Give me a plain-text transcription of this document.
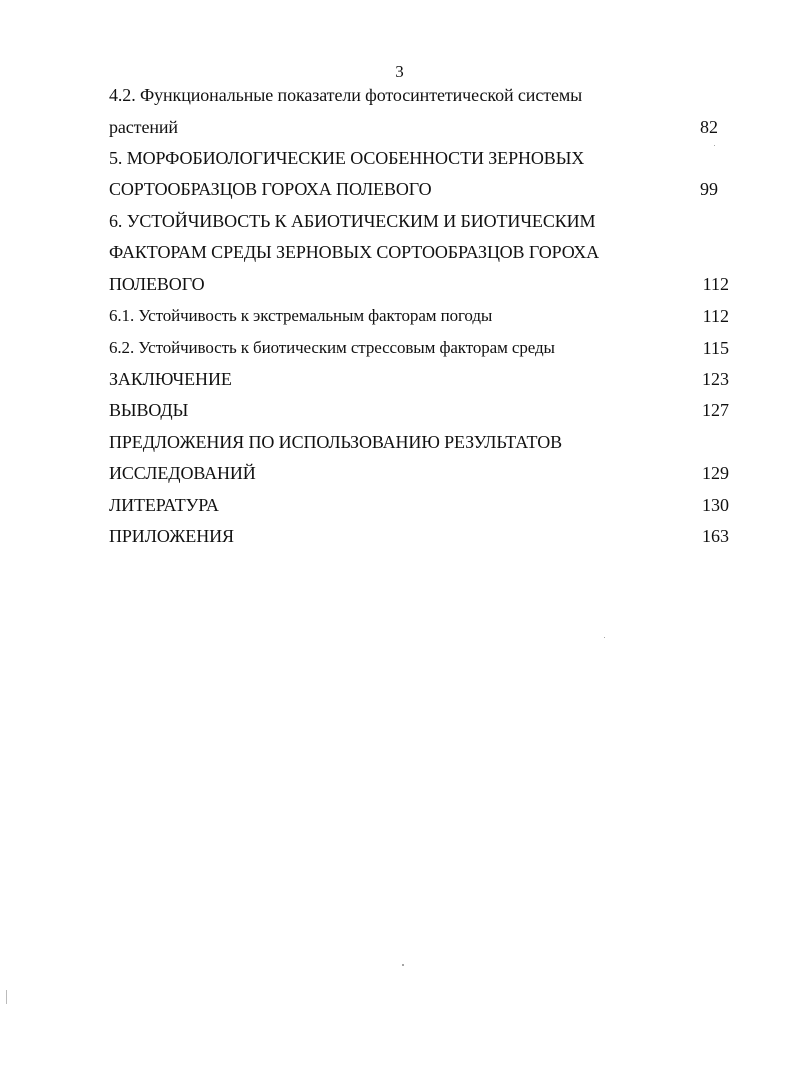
3
4.2. Функциональные показатели фотосинтетической системы
растений	82
5. МОРФОБИОЛОГИЧЕСКИЕ ОСОБЕННОСТИ ЗЕРНОВЫХ
СОРТООБРАЗЦОВ ГОРОХА ПОЛЕВОГО	99
6. УСТОЙЧИВОСТЬ К АБИОТИЧЕСКИМ И БИОТИЧЕСКИМ
ФАКТОРАМ СРЕДЫ ЗЕРНОВЫХ СОРТООБРАЗЦОВ ГОРОХА
ПОЛЕВОГО	112
6.1. Устойчивость к экстремальным факторам погоды	112
6.2. Устойчивость к биотическим стрессовым факторам среды	115
ЗАКЛЮЧЕНИЕ	123
ВЫВОДЫ	127
ПРЕДЛОЖЕНИЯ ПО ИСПОЛЬЗОВАНИЮ РЕЗУЛЬТАТОВ
ИССЛЕДОВАНИЙ	129
ЛИТЕРАТУРА	130
ПРИЛОЖЕНИЯ	163
